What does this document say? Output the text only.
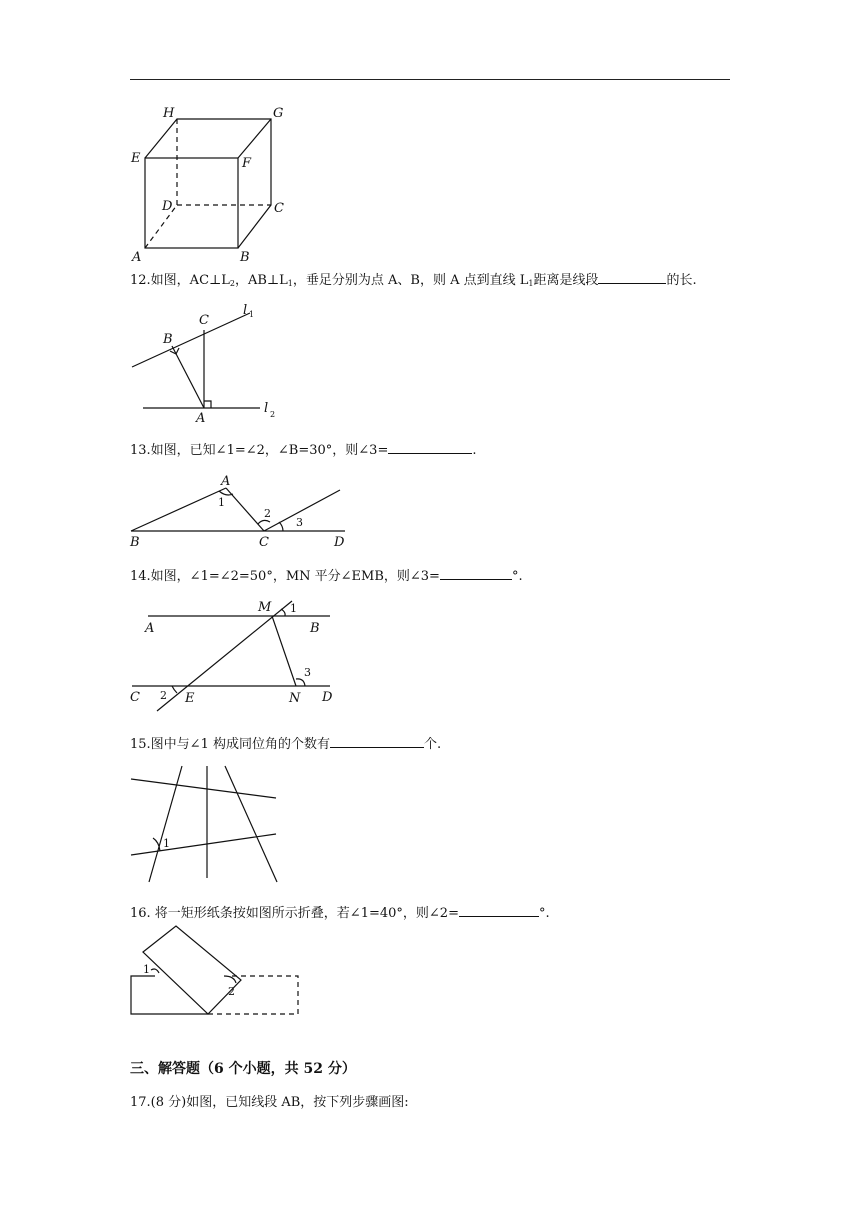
H	G
E	F
D	C
A	B
12.如图，$AC\perp L_2$，$AB\perp L_1$，垂足分别为点 A、B，则 A 点到直线 $L_1$距离是线段	的长.
B
C
l 1
A
l 2
13.如图，已知∠1=∠2，∠B=30°，则∠3=	.
A
1
2
3
B	C	D
14.如图，∠1=∠2=50°，MN 平分∠EMB，则∠3=	°.
M 1
A	B
3
C 2 E	N D
15.图中与∠1 构成同位角的个数有	个.
1
16. 将一矩形纸条按如图所示折叠，若∠1=40°，则∠2=	°.
1
2
三、解答题（6 个小题，共 52 分）
17.(8 分)如图，已知线段 AB，按下列步骤画图:
